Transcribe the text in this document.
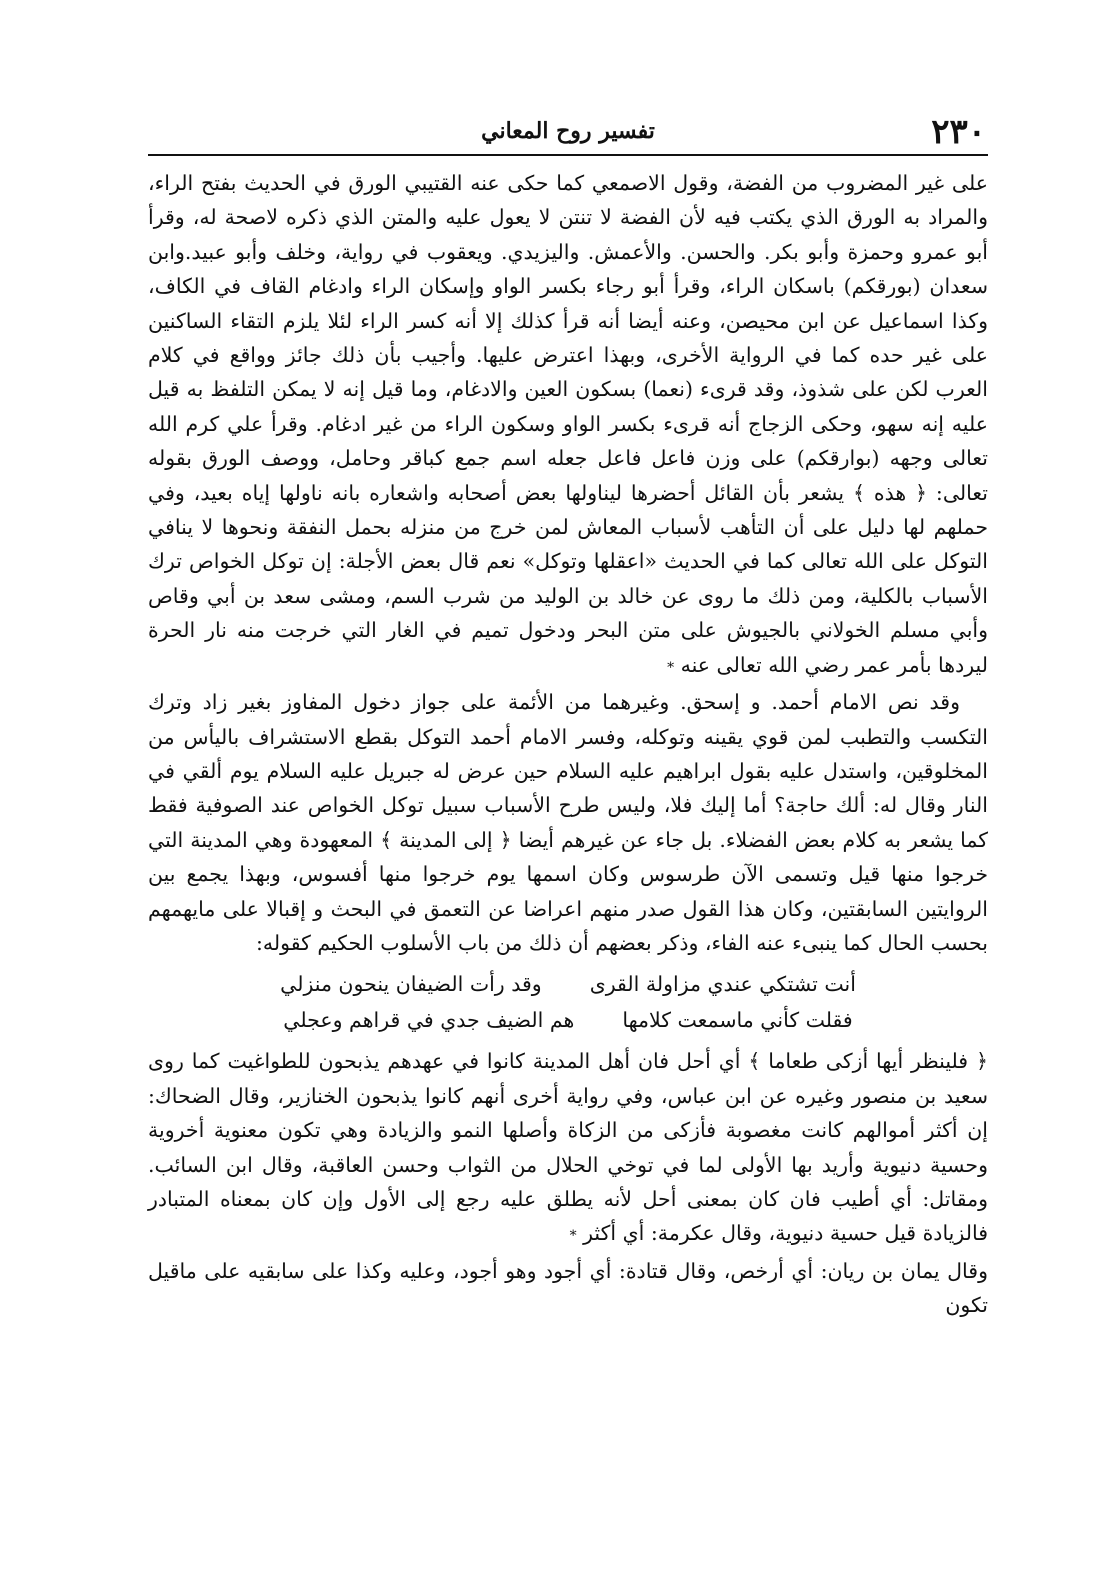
٢٣٠
تفسير روح المعاني

على غير المضروب من الفضة، وقول الاصمعي كما حكى عنه القتيبي الورق في الحديث بفتح الراء، والمراد به الورق الذي يكتب فيه لأن الفضة لا تنتن لا يعول عليه والمتن الذي ذكره لاصحة له، وقرأ أبو عمرو وحمزة وأبو بكر. والحسن. والأعمش. واليزيدي. ويعقوب في رواية، وخلف وأبو عبيد.وابن سعدان (بورقكم) باسكان الراء، وقرأ أبو رجاء بكسر الواو وإسكان الراء وادغام القاف في الكاف، وكذا اسماعيل عن ابن محيصن، وعنه أيضا أنه قرأ كذلك إلا أنه كسر الراء لئلا يلزم التقاء الساكنين على غير حده كما في الرواية الأخرى، وبهذا اعترض عليها. وأجيب بأن ذلك جائز وواقع في كلام العرب لكن على شذوذ، وقد قرىء (نعما) بسكون العين والادغام، وما قيل إنه لا يمكن التلفظ به قيل عليه إنه سهو، وحكى الزجاج أنه قرىء بكسر الواو وسكون الراء من غير ادغام. وقرأ علي كرم الله تعالى وجهه (بوارقكم) على وزن فاعل فاعل جعله اسم جمع كباقر وحامل، ووصف الورق بقوله تعالى: ﴿ هذه ﴾ يشعر بأن القائل أحضرها ليناولها بعض أصحابه واشعاره بانه ناولها إياه بعيد، وفي حملهم لها دليل على أن التأهب لأسباب المعاش لمن خرج من منزله بحمل النفقة ونحوها لا ينافي التوكل على الله تعالى كما في الحديث «اعقلها وتوكل» نعم قال بعض الأجلة: إن توكل الخواص ترك الأسباب بالكلية، ومن ذلك ما روى عن خالد بن الوليد من شرب السم، ومشى سعد بن أبي وقاص وأبي مسلم الخولاني بالجيوش على متن البحر ودخول تميم في الغار التي خرجت منه نار الحرة ليردها بأمر عمر رضي الله تعالى عنه *

وقد نص الامام أحمد. و إسحق. وغيرهما من الأئمة على جواز دخول المفاوز بغير زاد وترك التكسب والتطبب لمن قوي يقينه وتوكله، وفسر الامام أحمد التوكل بقطع الاستشراف باليأس من المخلوقين، واستدل عليه بقول ابراهيم عليه السلام حين عرض له جبريل عليه السلام يوم ألقي في النار وقال له: ألك حاجة؟ أما إليك فلا، وليس طرح الأسباب سبيل توكل الخواص عند الصوفية فقط كما يشعر به كلام بعض الفضلاء. بل جاء عن غيرهم أيضا ﴿ إلى المدينة ﴾ المعهودة وهي المدينة التي خرجوا منها قيل وتسمى الآن طرسوس وكان اسمها يوم خرجوا منها أفسوس، وبهذا يجمع بين الروايتين السابقتين، وكان هذا القول صدر منهم اعراضا عن التعمق في البحث و إقبالا على مايهمهم بحسب الحال كما ينبىء عنه الفاء، وذكر بعضهم أن ذلك من باب الأسلوب الحكيم كقوله:

أنت تشتكي عندي مزاولة القرى
وقد رأت الضيفان ينحون منزلي
فقلت كأني ماسمعت كلامها
هم الضيف جدي في قراهم وعجلي

﴿ فلينظر أيها أزكى طعاما ﴾ أي أحل فان أهل المدينة كانوا في عهدهم يذبحون للطواغيت كما روى سعيد بن منصور وغيره عن ابن عباس، وفي رواية أخرى أنهم كانوا يذبحون الخنازير، وقال الضحاك: إن أكثر أموالهم كانت مغصوبة فأزكى من الزكاة وأصلها النمو والزيادة وهي تكون معنوية أخروية وحسية دنيوية وأريد بها الأولى لما في توخي الحلال من الثواب وحسن العاقبة، وقال ابن السائب. ومقاتل: أي أطيب فان كان بمعنى أحل لأنه يطلق عليه رجع إلى الأول وإن كان بمعناه المتبادر فالزيادة قيل حسية دنيوية، وقال عكرمة: أي أكثر *

وقال يمان بن ريان: أي أرخص، وقال قتادة: أي أجود وهو أجود، وعليه وكذا على سابقيه على ماقيل تكون
